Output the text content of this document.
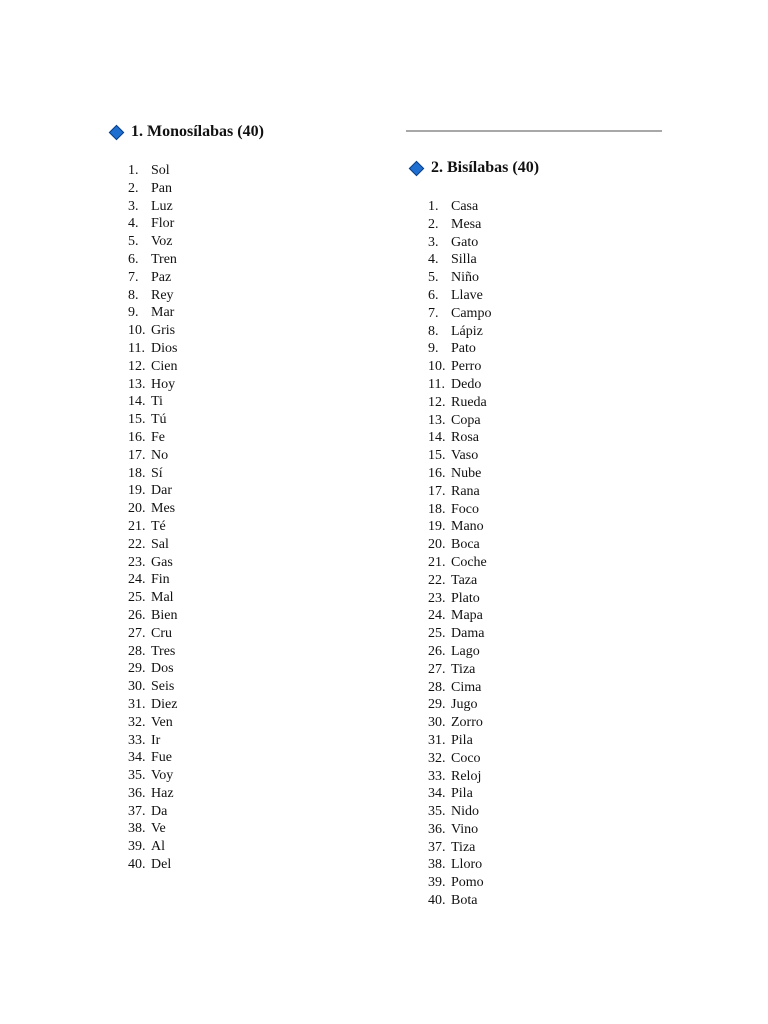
1. Monosílabas (40)
1. Sol
2. Pan
3. Luz
4. Flor
5. Voz
6. Tren
7. Paz
8. Rey
9. Mar
10. Gris
11. Dios
12. Cien
13. Hoy
14. Ti
15. Tú
16. Fe
17. No
18. Sí
19. Dar
20. Mes
21. Té
22. Sal
23. Gas
24. Fin
25. Mal
26. Bien
27. Cru
28. Tres
29. Dos
30. Seis
31. Diez
32. Ven
33. Ir
34. Fue
35. Voy
36. Haz
37. Da
38. Ve
39. Al
40. Del
2. Bisílabas (40)
1. Casa
2. Mesa
3. Gato
4. Silla
5. Niño
6. Llave
7. Campo
8. Lápiz
9. Pato
10. Perro
11. Dedo
12. Rueda
13. Copa
14. Rosa
15. Vaso
16. Nube
17. Rana
18. Foco
19. Mano
20. Boca
21. Coche
22. Taza
23. Plato
24. Mapa
25. Dama
26. Lago
27. Tiza
28. Cima
29. Jugo
30. Zorro
31. Pila
32. Coco
33. Reloj
34. Pila
35. Nido
36. Vino
37. Tiza
38. Lloro
39. Pomo
40. Bota
